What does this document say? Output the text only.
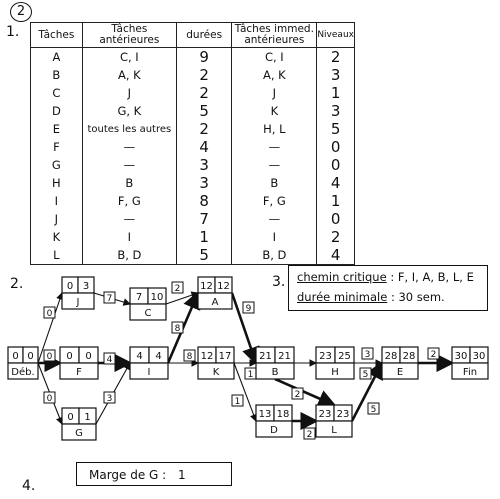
2
1. Tâches	Tâches antérieures	durées	Tâches immed. antérieures	Niveaux
A	C, I	9	C, I	2
B	A, K	2	A, K	3
C	J	2	J	1
D	G, K	5	K	3
E	toutes les autres	2	H, L	5
F	—	4	—	0
G	—	3	—	0
H	B	3	B	4
I	F, G	8	F, G	1
J	—	7	—	0
K	I	1	I	2
L	B, D	5	B, D	4
2.	3.
0
0
0
7
4
3
2
8
8
9
1
1
2
3
2
5
5
2
0 0
Déb.
0 3
J
0 0
F
0 1
G
7 10
C
4 4
I
12 12
A
12 17
K
21 21
B
13 18
D
23 25
H
23 23
L
28 28
E
30 30
Fin
chemin critique : F, I, A, B, L, E
durée minimale : 30 sem.
4.
Marge de G : 1
